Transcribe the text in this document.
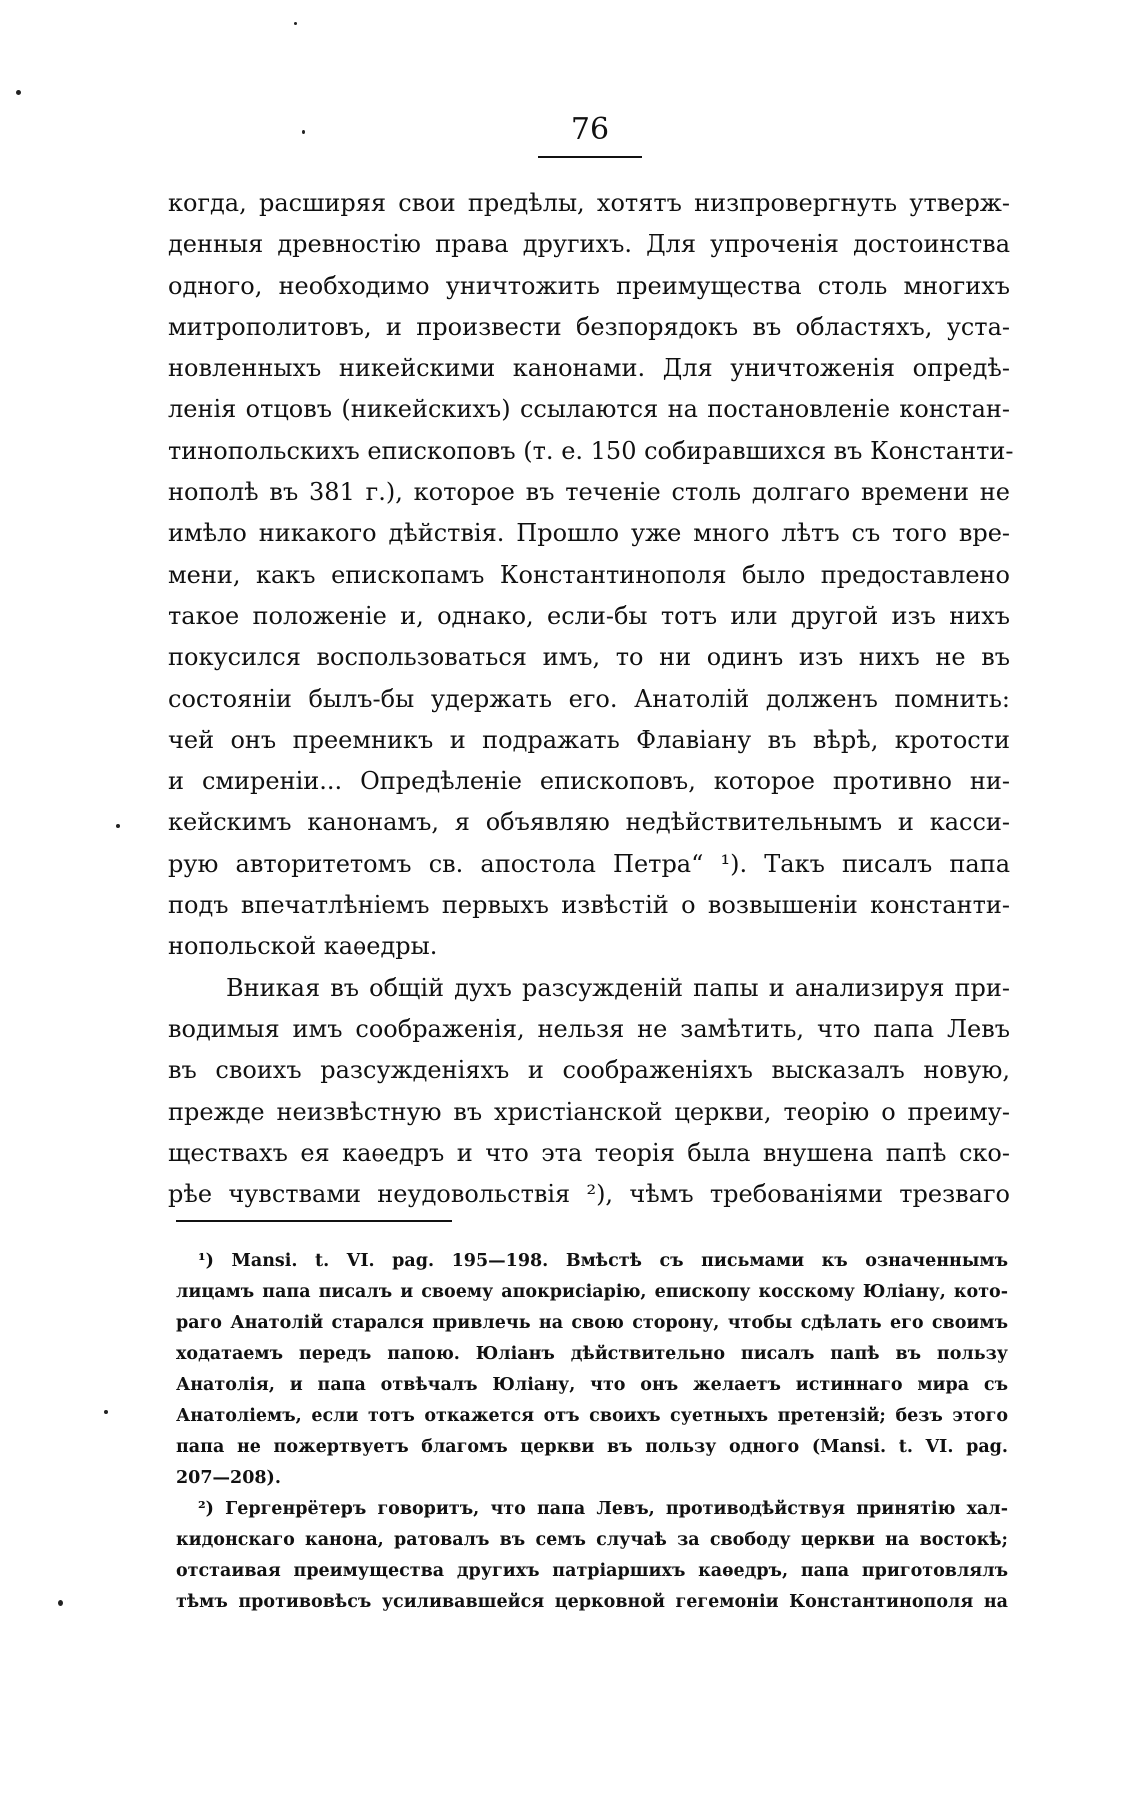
76
когда, расширяя свои предѣлы, хотятъ низпровергнуть утверж-
денныя древностію права другихъ. Для упроченія достоинства
одного, необходимо уничтожить преимущества столь многихъ
митрополитовъ, и произвести безпорядокъ въ областяхъ, уста-
новленныхъ никейскими канонами. Для уничтоженія опредѣ-
ленія отцовъ (никейскихъ) ссылаются на постановленіе констан-
тинопольскихъ епископовъ (т. е. 150 собиравшихся въ Константи-
нополѣ въ 381 г.), которое въ теченіе столь долгаго времени не
имѣло никакого дѣйствія. Прошло уже много лѣтъ съ того вре-
мени, какъ епископамъ Константинополя было предоставлено
такое положеніе и, однако, если-бы тотъ или другой изъ нихъ
покусился воспользоваться имъ, то ни одинъ изъ нихъ не въ
состояніи былъ-бы удержать его. Анатолій долженъ помнить:
чей онъ преемникъ и подражать Флавіану въ вѣрѣ, кротости
и смиреніи... Опредѣленіе епископовъ, которое противно ни-
кейскимъ канонамъ, я объявляю недѣйствительнымъ и касси-
рую авторитетомъ св. апостола Петра“ ¹). Такъ писалъ папа
подъ впечатлѣніемъ первыхъ извѣстій о возвышеніи константи-
нопольской каѳедры.
Вникая въ общій духъ разсужденій папы и анализируя при-
водимыя имъ соображенія, нельзя не замѣтить, что папа Левъ
въ своихъ разсужденіяхъ и соображеніяхъ высказалъ новую,
прежде неизвѣстную въ христіанской церкви, теорію о преиму-
ществахъ ея каѳедръ и что эта теорія была внушена папѣ ско-
рѣе чувствами неудовольствія ²), чѣмъ требованіями трезваго
¹) Mansi. t. VI. pag. 195—198. Вмѣстѣ съ письмами къ означеннымъ
лицамъ папа писалъ и своему апокрисіарію, епископу косскому Юліану, кото-
раго Анатолій старался привлечь на свою сторону, чтобы сдѣлать его своимъ
ходатаемъ передъ папою. Юліанъ дѣйствительно писалъ папѣ въ пользу
Анатолія, и папа отвѣчалъ Юліану, что онъ желаетъ истиннаго мира съ
Анатоліемъ, если тотъ откажется отъ своихъ суетныхъ претензій; безъ этого
папа не пожертвуетъ благомъ церкви въ пользу одного (Mansi. t. VI. pag.
207—208).
²) Гергенрётеръ говоритъ, что папа Левъ, противодѣйствуя принятію хал-
кидонскаго канона, ратовалъ въ семъ случаѣ за свободу церкви на востокѣ;
отстаивая преимущества другихъ патріаршихъ каѳедръ, папа приготовлялъ
тѣмъ противовѣсъ усиливавшейся церковной гегемоніи Константинополя на
